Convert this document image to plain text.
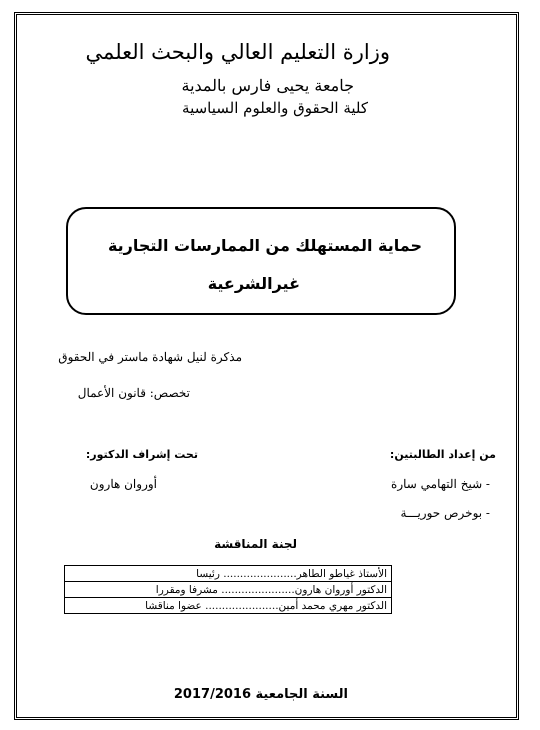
وزارة التعليم العالي والبحث العلمي
جامعة يحيى فارس بالمدية
كلية الحقوق والعلوم السياسية
حماية المستهلك من الممارسات التجارية
غيرالشرعية
مذكرة لنيل شهادة ماستر في الحقوق
تخصص: قانون الأعمال
من إعداد الطالبتين:
- شيخ التهامي سارة
- بوخرص حوريـــة
تحت إشراف الدكتور:
أوروان هارون
لجنة المناقشة
الأستاذ غياطو الطاهر...................... رئيسا
الدكتور أوروان هارون...................... مشرفا ومقررا
الدكتور مهري محمد أمين...................... عضوا مناقشا
السنة الجامعية 2017/2016
